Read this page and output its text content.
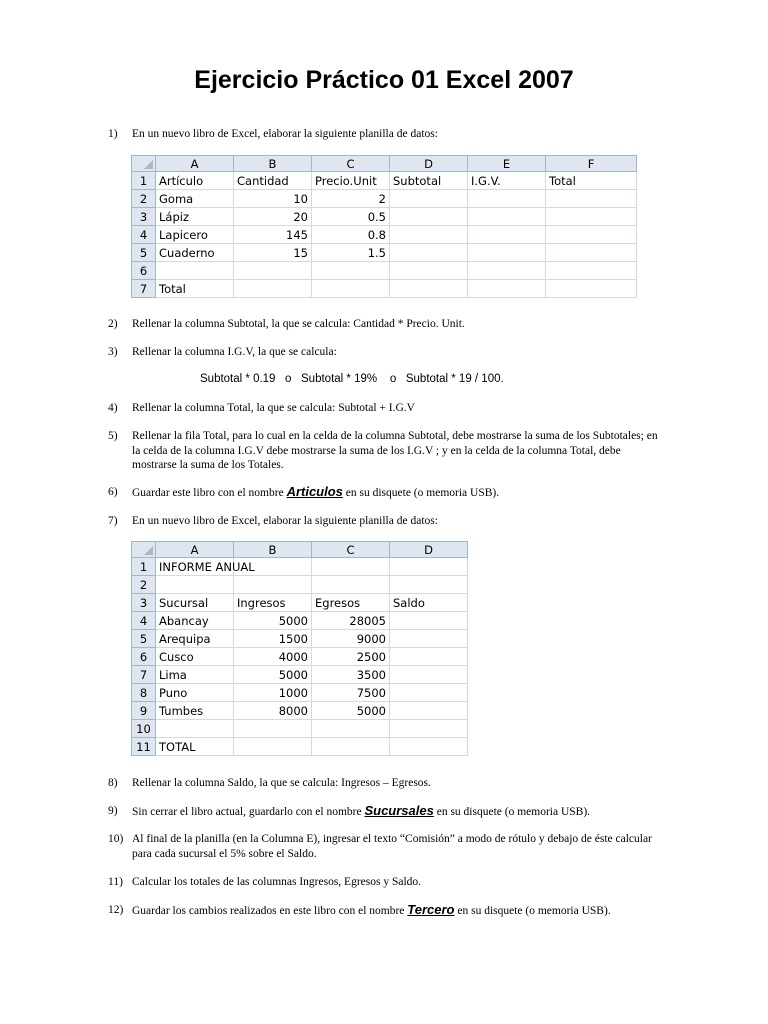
Ejercicio Práctico 01 Excel 2007
1)	En un nuevo libro de Excel, elaborar la siguiente planilla de datos:
	A	B	C	D	E	F
1	Artículo	Cantidad	Precio.Unit	Subtotal	I.G.V.	Total
2	Goma	10	2			
3	Lápiz	20	0.5			
4	Lapicero	145	0.8			
5	Cuaderno	15	1.5			
6						
7	Total					
2)	Rellenar la columna Subtotal, la que se calcula: Cantidad * Precio. Unit.
3)	Rellenar la columna I.G.V, la que se calcula:
Subtotal * 0.19   o   Subtotal * 19%    o   Subtotal * 19 / 100.
4)	Rellenar la columna Total, la que se calcula: Subtotal + I.G.V
5)	Rellenar la fila Total, para lo cual en la celda de la columna Subtotal, debe mostrarse la suma de los Subtotales; en la celda de la columna I.G.V debe mostrarse la suma de los I.G.V ; y en la celda de la columna Total, debe mostrarse la suma de los Totales.
6)	Guardar este libro con el nombre Articulos en su disquete (o memoria USB).
7)	En un nuevo libro de Excel, elaborar la siguiente planilla de datos:
	A	B	C	D
1	INFORME ANUAL			
2				
3	Sucursal	Ingresos	Egresos	Saldo
4	Abancay	5000	28005	
5	Arequipa	1500	9000	
6	Cusco	4000	2500	
7	Lima	5000	3500	
8	Puno	1000	7500	
9	Tumbes	8000	5000	
10				
11	TOTAL			
8)	Rellenar la columna Saldo, la que se calcula: Ingresos – Egresos.
9)	Sin cerrar el libro actual, guardarlo con el nombre Sucursales en su disquete (o memoria USB).
10) Al final de la planilla (en la Columna E), ingresar el texto “Comisión” a modo de rótulo y debajo de éste calcular para cada sucursal el 5% sobre el Saldo.
11) Calcular los totales de las columnas Ingresos, Egresos y Saldo.
12) Guardar los cambios realizados en este libro con el nombre Tercero en su disquete (o memoria USB).
